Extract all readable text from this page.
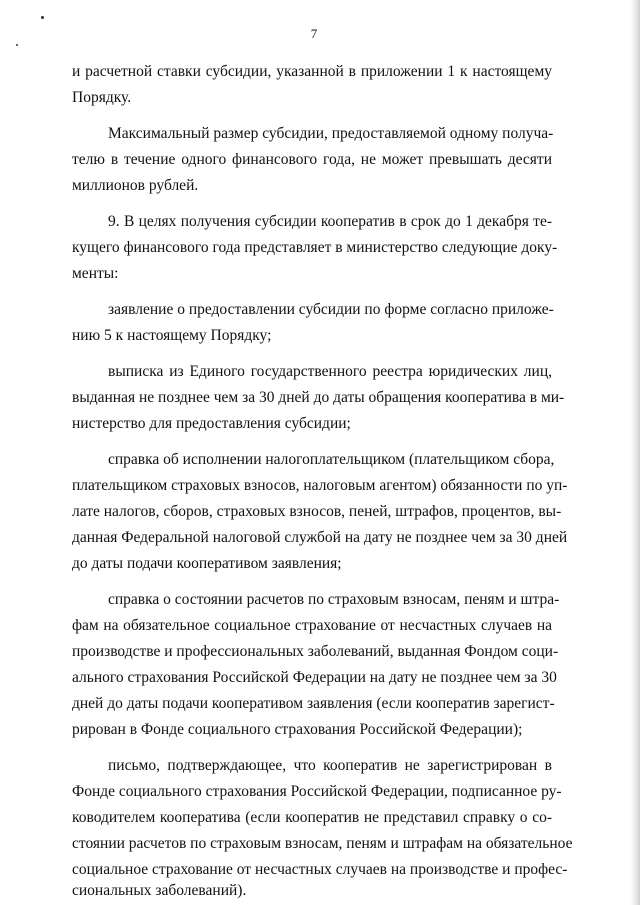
7
и расчетной ставки субсидии, указанной в приложении 1 к настоящему
Порядку.
Максимальный размер субсидии, предоставляемой одному получа-
телю в течение одного финансового года, не может превышать десяти
миллионов рублей.
9. В целях получения субсидии кооператив в срок до 1 декабря те-
кущего финансового года представляет в министерство следующие доку-
менты:
заявление о предоставлении субсидии по форме согласно приложе-
нию 5 к настоящему Порядку;
выписка из Единого государственного реестра юридических лиц,
выданная не позднее чем за 30 дней до даты обращения кооператива в ми-
нистерство для предоставления субсидии;
справка об исполнении налогоплательщиком (плательщиком сбора,
плательщиком страховых взносов, налоговым агентом) обязанности по уп-
лате налогов, сборов, страховых взносов, пеней, штрафов, процентов, вы-
данная Федеральной налоговой службой на дату не позднее чем за 30 дней
до даты подачи кооперативом заявления;
справка о состоянии расчетов по страховым взносам, пеням и штра-
фам на обязательное социальное страхование от несчастных случаев на
производстве и профессиональных заболеваний, выданная Фондом соци-
ального страхования Российской Федерации на дату не позднее чем за 30
дней до даты подачи кооперативом заявления (если кооператив зарегист-
рирован в Фонде социального страхования Российской Федерации);
письмо, подтверждающее, что кооператив не зарегистрирован в
Фонде социального страхования Российской Федерации, подписанное ру-
ководителем кооператива (если кооператив не представил справку о со-
стоянии расчетов по страховым взносам, пеням и штрафам на обязательное
социальное страхование от несчастных случаев на производстве и профес-
сиональных заболеваний).
